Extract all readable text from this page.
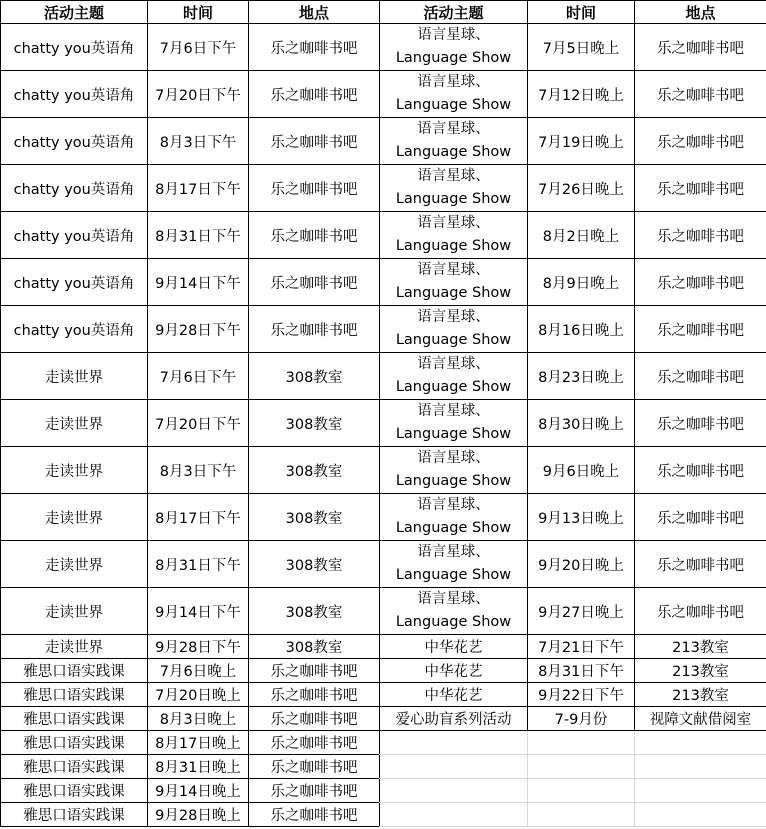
活动主题	时间	地点
chatty you英语角	7月6日下午	乐之咖啡书吧
chatty you英语角	7月20日下午	乐之咖啡书吧
chatty you英语角	8月3日下午	乐之咖啡书吧
chatty you英语角	8月17日下午	乐之咖啡书吧
chatty you英语角	8月31日下午	乐之咖啡书吧
chatty you英语角	9月14日下午	乐之咖啡书吧
chatty you英语角	9月28日下午	乐之咖啡书吧
走读世界	7月6日下午	308教室
走读世界	7月20日下午	308教室
走读世界	8月3日下午	308教室
走读世界	8月17日下午	308教室
走读世界	8月31日下午	308教室
走读世界	9月14日下午	308教室
走读世界	9月28日下午	308教室
雅思口语实践课	7月6日晚上	乐之咖啡书吧
雅思口语实践课	7月20日晚上	乐之咖啡书吧
雅思口语实践课	8月3日晚上	乐之咖啡书吧
雅思口语实践课	8月17日晚上	乐之咖啡书吧
雅思口语实践课	8月31日晚上	乐之咖啡书吧
雅思口语实践课	9月14日晚上	乐之咖啡书吧
雅思口语实践课	9月28日晚上	乐之咖啡书吧
活动主题	时间	地点

语言星球、
Language Show	7月5日晚上	乐之咖啡书吧

语言星球、
Language Show	7月12日晚上	乐之咖啡书吧

语言星球、
Language Show	7月19日晚上	乐之咖啡书吧

语言星球、
Language Show	7月26日晚上	乐之咖啡书吧

语言星球、
Language Show	8月2日晚上	乐之咖啡书吧

语言星球、
Language Show	8月9日晚上	乐之咖啡书吧

语言星球、
Language Show	8月16日晚上	乐之咖啡书吧

语言星球、
Language Show	8月23日晚上	乐之咖啡书吧

语言星球、
Language Show	8月30日晚上	乐之咖啡书吧

语言星球、
Language Show	9月6日晚上	乐之咖啡书吧

语言星球、
Language Show	9月13日晚上	乐之咖啡书吧

语言星球、
Language Show	9月20日晚上	乐之咖啡书吧

语言星球、
Language Show	9月27日晚上	乐之咖啡书吧
中华花艺	7月21日下午	213教室
中华花艺	8月31日下午	213教室
中华花艺	9月22日下午	213教室
爱心助盲系列活动	7-9月份	视障文献借阅室
